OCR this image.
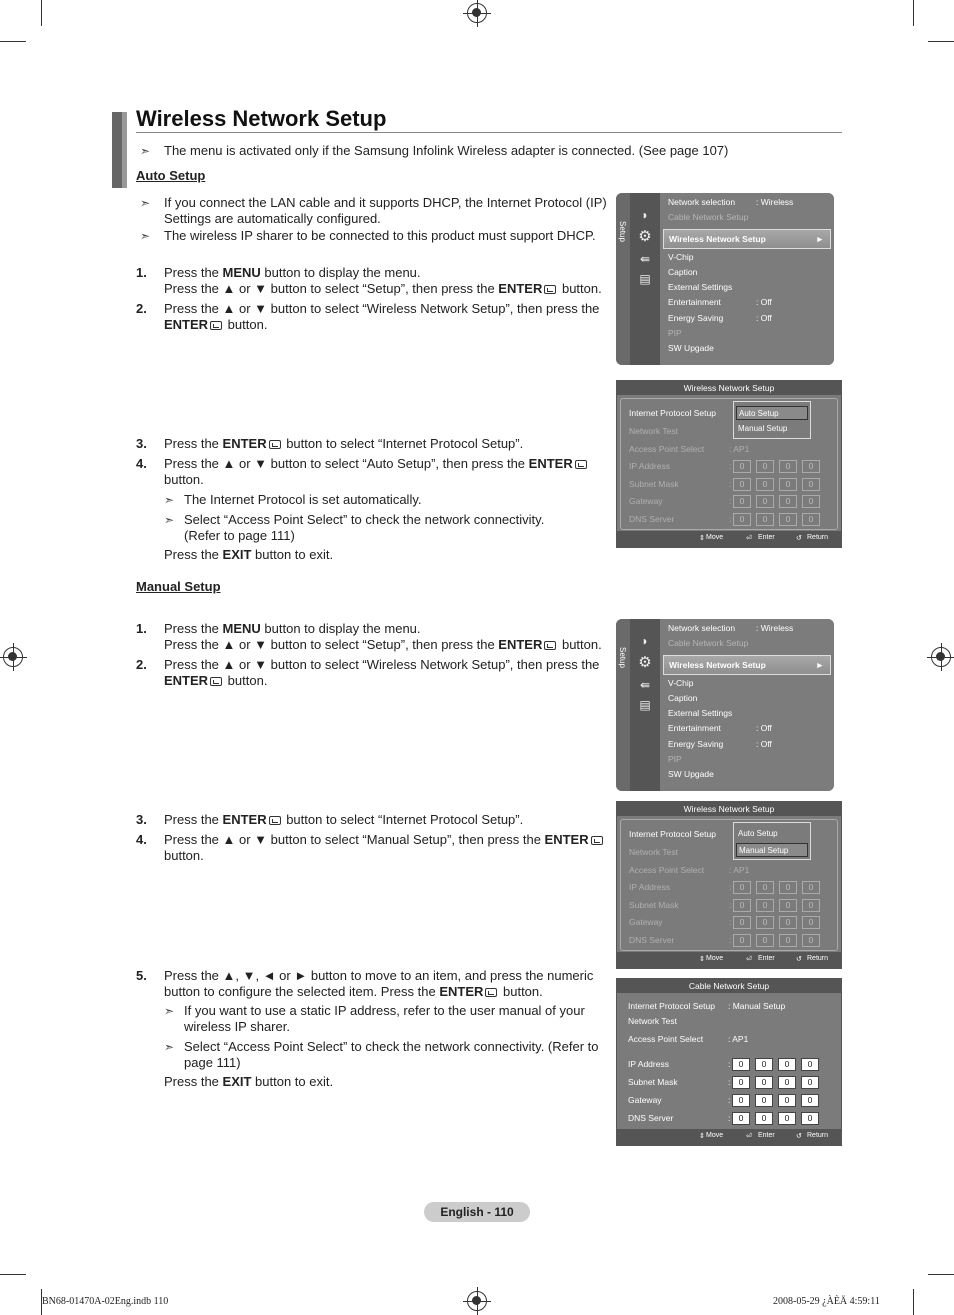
Wireless Network Setup
➣ The menu is activated only if the Samsung Infolink Wireless adapter is connected. (See page 107)
Auto Setup
➣ If you connect the LAN cable and it supports DHCP, the Internet Protocol (IP)
Settings are automatically configured.
➣ The wireless IP sharer to be connected to this product must support DHCP.
1. Press the MENU button to display the menu.
Press the ▲ or ▼ button to select “Setup”, then press the ENTER button.
2. Press the ▲ or ▼ button to select “Wireless Network Setup”, then press the
ENTER button.
3. Press the ENTER button to select “Internet Protocol Setup”.
4. Press the ▲ or ▼ button to select “Auto Setup”, then press the ENTER
button.
➣ The Internet Protocol is set automatically.
➣ Select “Access Point Select” to check the network connectivity.
(Refer to page 111)
Press the EXIT button to exit.
Manual Setup
1. Press the MENU button to display the menu.
Press the ▲ or ▼ button to select “Setup”, then press the ENTER button.
2. Press the ▲ or ▼ button to select “Wireless Network Setup”, then press the
ENTER button.
3. Press the ENTER button to select “Internet Protocol Setup”.
4. Press the ▲ or ▼ button to select “Manual Setup”, then press the ENTER
button.
5. Press the ▲, ▼, ◄ or ► button to move to an item, and press the numeric
button to configure the selected item. Press the ENTER button.
➣ If you want to use a static IP address, refer to the user manual of your
wireless IP sharer.
➣ Select “Access Point Select” to check the network connectivity. (Refer to
page 111)
Press the EXIT button to exit.
Setup
◗
⚙
⇚
▤
Network selection : Wireless
Cable Network Setup
Wireless Network Setup	►
V-Chip
Caption
External Settings
Entertainment	: Off
Energy Saving	: Off
PIP
SW Upgade
Setup
◗
⚙
⇚
▤
Network selection : Wireless
Cable Network Setup
Wireless Network Setup	►
V-Chip
Caption
External Settings
Entertainment	: Off
Energy Saving	: Off
PIP
SW Upgade
Wireless Network Setup
Internet Protocol Setup
Network Test
Access Point Select	: AP1
IP Address	: 0	0	0	0
Subnet Mask	: 0	0	0	0
Gateway	: 0	0	0	0
DNS Server	: 0	0	0	0
Auto Setup
Manual Setup
⇕ Move	⏎ Enter	↺ Return
Wireless Network Setup
Internet Protocol Setup
Network Test
Access Point Select	: AP1
IP Address	: 0	0	0	0
Subnet Mask	: 0	0	0	0
Gateway	: 0	0	0	0
DNS Server	: 0	0	0	0
Auto Setup
Manual Setup
⇕ Move	⏎ Enter	↺ Return
Cable Network Setup
Internet Protocol Setup : Manual Setup
Network Test
Access Point Select	: AP1
IP Address	: 0	0	0	0
Subnet Mask	: 0	0	0	0
Gateway	: 0	0	0	0
DNS Server	: 0	0	0	0
⇕ Move	⏎ Enter	↺ Return
English - 110
BN68-01470A-02Eng.indb 110	2008-05-29 ¿ÀÈÄ 4:59:11
